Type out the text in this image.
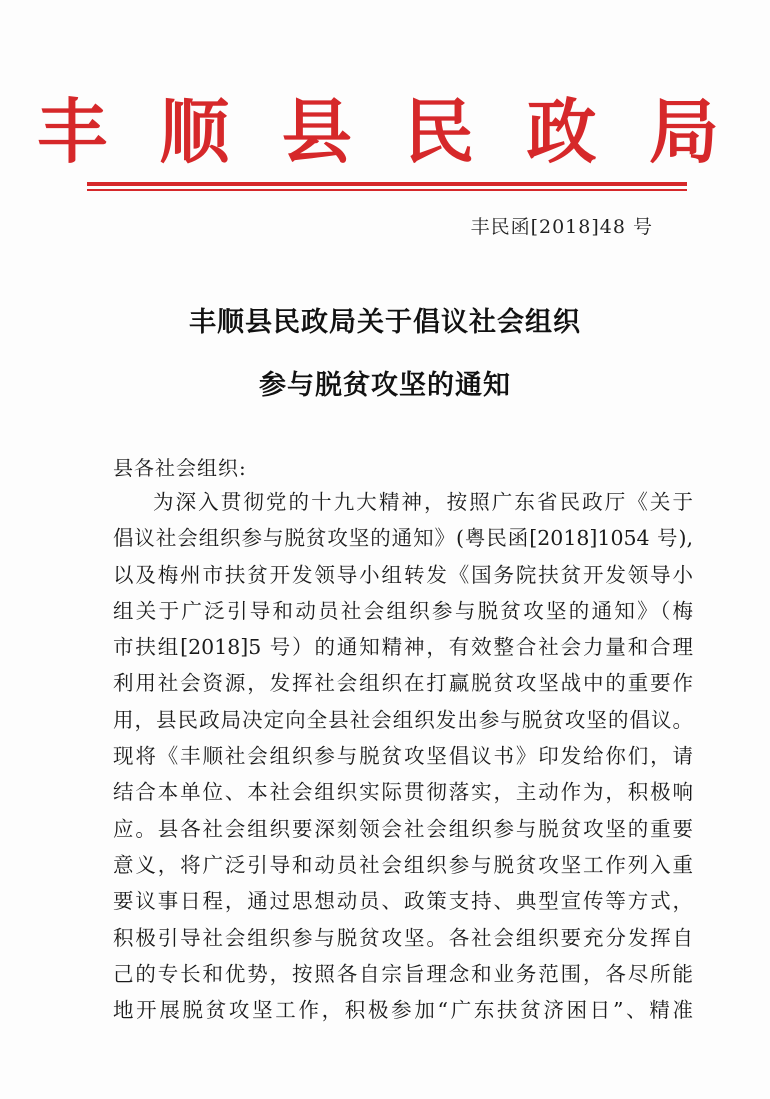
丰 顺 县 民 政 局
丰民函[2018]48 号
丰顺县民政局关于倡议社会组织
参与脱贫攻坚的通知
县各社会组织:
为深入贯彻党的十九大精神，按照广东省民政厅《关于
倡议社会组织参与脱贫攻坚的通知》(粤民函[2018]1054 号),
以及梅州市扶贫开发领导小组转发《国务院扶贫开发领导小
组关于广泛引导和动员社会组织参与脱贫攻坚的通知》（梅
市扶组[2018]5 号）的通知精神，有效整合社会力量和合理
利用社会资源，发挥社会组织在打赢脱贫攻坚战中的重要作
用，县民政局决定向全县社会组织发出参与脱贫攻坚的倡议。
现将《丰顺社会组织参与脱贫攻坚倡议书》印发给你们，请
结合本单位、本社会组织实际贯彻落实，主动作为，积极响
应。县各社会组织要深刻领会社会组织参与脱贫攻坚的重要
意义，将广泛引导和动员社会组织参与脱贫攻坚工作列入重
要议事日程，通过思想动员、政策支持、典型宣传等方式，
积极引导社会组织参与脱贫攻坚。各社会组织要充分发挥自
己的专长和优势，按照各自宗旨理念和业务范围，各尽所能
地开展脱贫攻坚工作，积极参加“广东扶贫济困日”、精准
